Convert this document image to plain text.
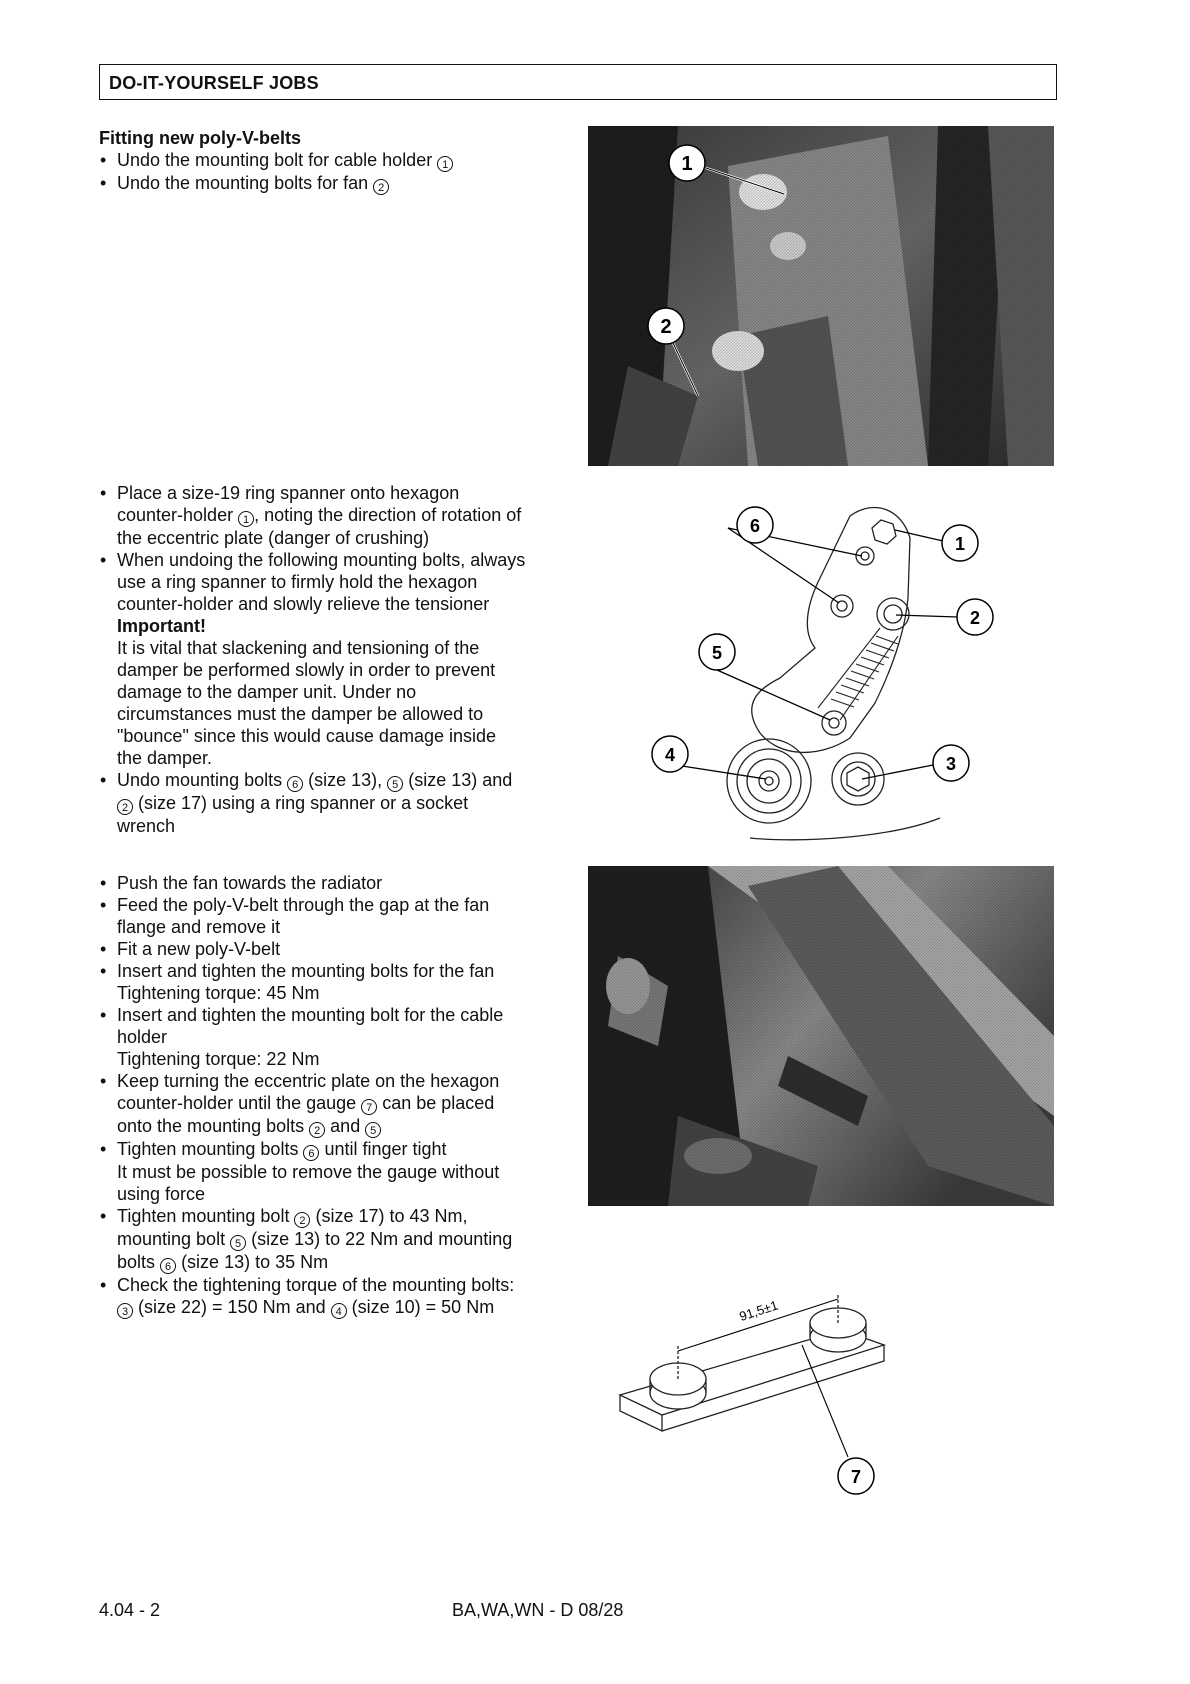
DO-IT-YOURSELF JOBS
Fitting new poly-V-belts
• Undo the mounting bolt for cable holder 1
• Undo the mounting bolts for fan 2
• Place a size-19 ring spanner onto hexagon
counter-holder 1 , noting the direction of rotation of
the eccentric plate (danger of crushing)
• When undoing the following mounting bolts, always
use a ring spanner to firmly hold the hexagon
counter-holder and slowly relieve the tensioner
Important!
It is vital that slackening and tensioning of the
damper be performed slowly in order to prevent
damage to the damper unit. Under no
circumstances must the damper be allowed to
"bounce" since this would cause damage inside
the damper.
• Undo mounting bolts 6 (size 13), 5 (size 13) and
2 (size 17) using a ring spanner or a socket
wrench
• Push the fan towards the radiator
• Feed the poly-V-belt through the gap at the fan
flange and remove it
• Fit a new poly-V-belt
• Insert and tighten the mounting bolts for the fan
Tightening torque: 45 Nm
• Insert and tighten the mounting bolt for the cable
holder
Tightening torque: 22 Nm
• Keep turning the eccentric plate on the hexagon
counter-holder until the gauge 7 can be placed
onto the mounting bolts 2 and 5
• Tighten mounting bolts 6 until finger tight
It must be possible to remove the gauge without
using force
• Tighten mounting bolt 2 (size 17) to 43 Nm,
mounting bolt 5 (size 13) to 22 Nm and mounting
bolts 6 (size 13) to 35 Nm
• Check the tightening torque of the mounting bolts:
3 (size 22) = 150 Nm and 4 (size 10) = 50 Nm
1
2
1
2
3
4
5
6
91,5±1
7
4.04 - 2	BA,WA,WN - D 08/28
